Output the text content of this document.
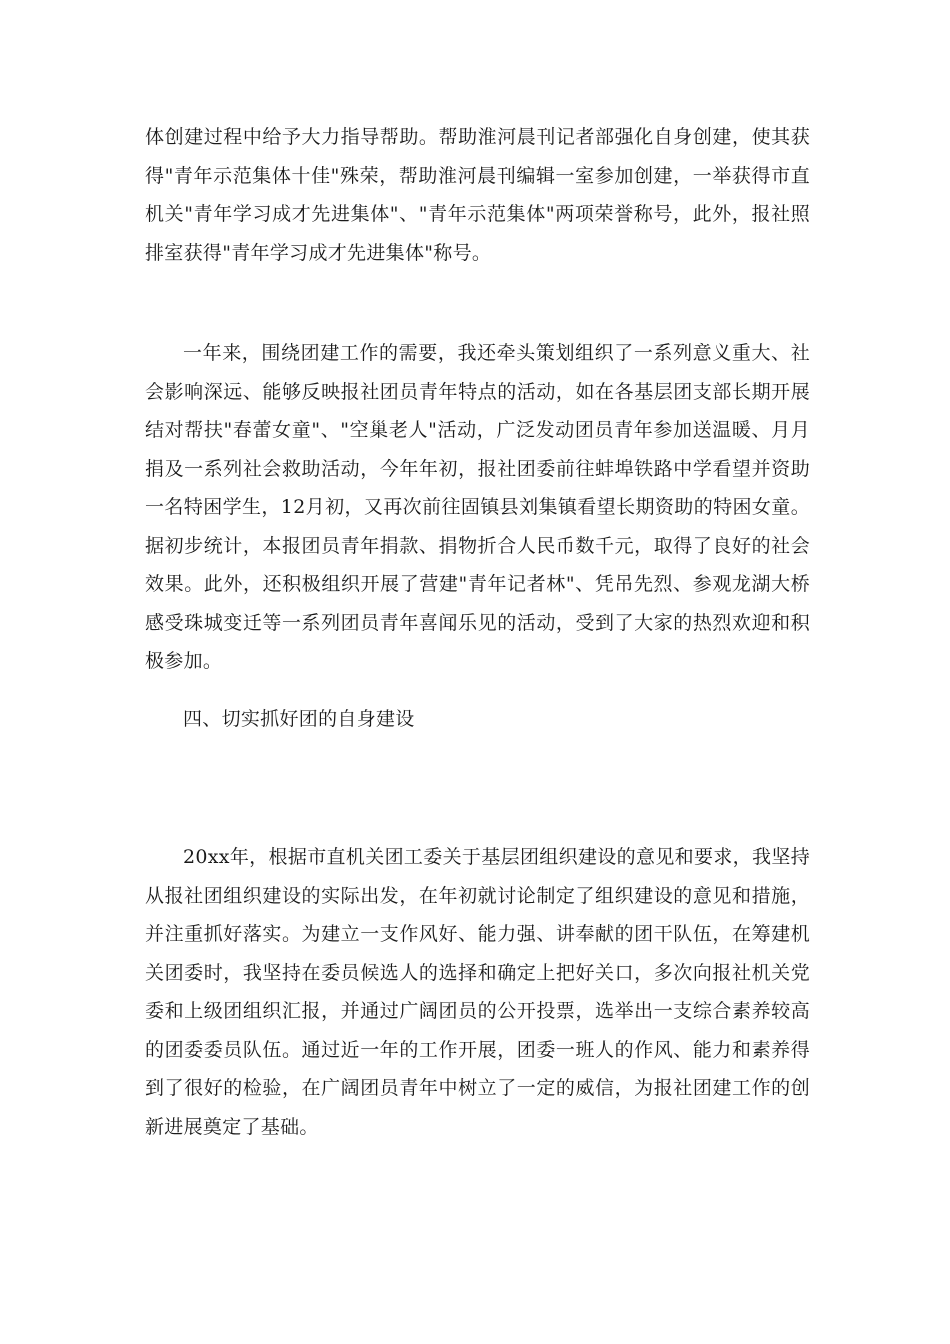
体创建过程中给予大力指导帮助。帮助淮河晨刊记者部强化自身创建，使其获得"青年示范集体十佳"殊荣，帮助淮河晨刊编辑一室参加创建，一举获得市直机关"青年学习成才先进集体"、"青年示范集体"两项荣誉称号，此外，报社照排室获得"青年学习成才先进集体"称号。

一年来，围绕团建工作的需要，我还牵头策划组织了一系列意义重大、社会影响深远、能够反映报社团员青年特点的活动，如在各基层团支部长期开展结对帮扶"春蕾女童"、"空巢老人"活动，广泛发动团员青年参加送温暖、月月捐及一系列社会救助活动，今年年初，报社团委前往蚌埠铁路中学看望并资助一名特困学生，12月初，又再次前往固镇县刘集镇看望长期资助的特困女童。据初步统计，本报团员青年捐款、捐物折合人民币数千元，取得了良好的社会效果。此外，还积极组织开展了营建"青年记者林"、凭吊先烈、参观龙湖大桥感受珠城变迁等一系列团员青年喜闻乐见的活动，受到了大家的热烈欢迎和积极参加。

四、切实抓好团的自身建设

20xx年，根据市直机关团工委关于基层团组织建设的意见和要求，我坚持从报社团组织建设的实际出发，在年初就讨论制定了组织建设的意见和措施，并注重抓好落实。为建立一支作风好、能力强、讲奉献的团干队伍，在筹建机关团委时，我坚持在委员候选人的选择和确定上把好关口，多次向报社机关党委和上级团组织汇报，并通过广阔团员的公开投票，选举出一支综合素养较高的团委委员队伍。通过近一年的工作开展，团委一班人的作风、能力和素养得到了很好的检验，在广阔团员青年中树立了一定的威信，为报社团建工作的创新进展奠定了基础。
